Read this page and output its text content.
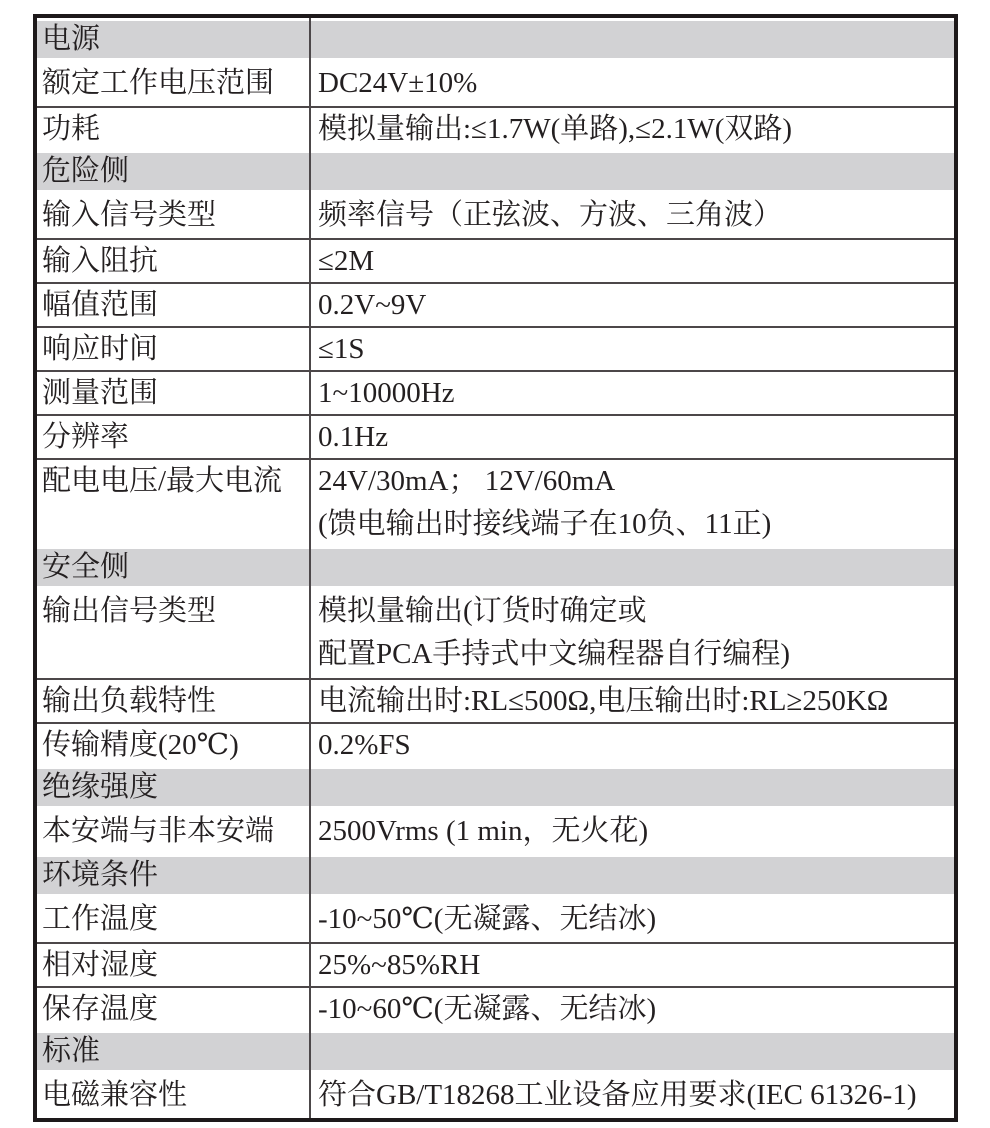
电源
额定工作电压范围	DC24V±10%
功耗	模拟量输出:≤1.7W(单路),≤2.1W(双路)
危险侧
输入信号类型	频率信号（正弦波、方波、三角波）
输入阻抗	≤2M
幅值范围	0.2V~9V
响应时间	≤1S
测量范围	1~10000Hz
分辨率	0.1Hz
配电电压/最大电流	24V/30mA； 12V/60mA
(馈电输出时接线端子在10负、11正)
安全侧
输出信号类型	模拟量输出(订货时确定或
配置PCA手持式中文编程器自行编程)
输出负载特性	电流输出时:RL≤500Ω,电压输出时:RL≥250KΩ
传输精度(20℃)	0.2%FS
绝缘强度
本安端与非本安端	2500Vrms (1 min，无火花)
环境条件
工作温度	-10~50℃(无凝露、无结冰)
相对湿度	25%~85%RH
保存温度	-10~60℃(无凝露、无结冰)
标准
电磁兼容性	符合GB/T18268工业设备应用要求(IEC 61326-1)
